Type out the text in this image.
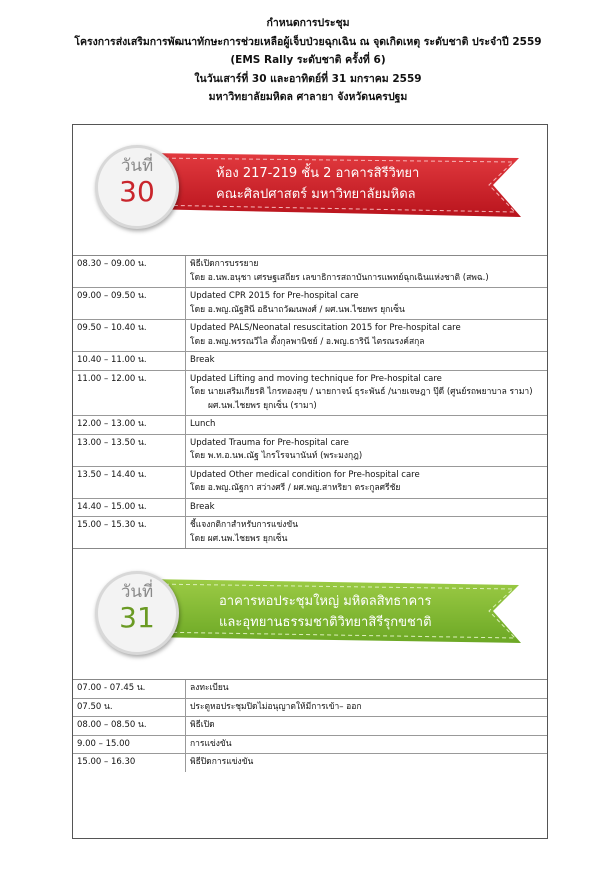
กำหนดการประชุม
โครงการส่งเสริมการพัฒนาทักษะการช่วยเหลือผู้เจ็บป่วยฉุกเฉิน ณ จุดเกิดเหตุ ระดับชาติ ประจำปี 2559
(EMS Rally ระดับชาติ ครั้งที่ 6)
ในวันเสาร์ที่ 30 และอาทิตย์ที่ 31 มกราคม 2559
มหาวิทยาลัยมหิดล ศาลายา จังหวัดนครปฐม
วันที่
30
ห้อง 217-219 ชั้น 2 อาคารสิรีวิทยา
คณะศิลปศาสตร์ มหาวิทยาลัยมหิดล
08.30 – 09.00 น.	พิธีเปิดการบรรยาย
โดย อ.นพ.อนุชา เศรษฐเสถียร เลขาธิการสถาบันการแพทย์ฉุกเฉินแห่งชาติ (สพฉ.)

09.00 – 09.50 น.	Updated CPR 2015 for Pre-hospital care
โดย อ.พญ.ณัฐสินี อธินาถวัฒนพงศ์ / ผศ.นพ.ไชยพร ยุกเซ็น

09.50 – 10.40 น.	Updated PALS/Neonatal resuscitation 2015 for Pre-hospital care
โดย อ.พญ.พรรณวีไล ตั้งกุลพานิชย์ / อ.พญ.ธารินี ไตรณรงค์สกุล

10.40 – 11.00 น.	Break

11.00 – 12.00 น.	Updated Lifting and moving technique for Pre-hospital care
โดย นายเสริมเกียรติ ไกรทองสุข / นายกาจน์ ธุระพันธ์ /นายเจษฎา ปุ๊ดี (ศูนย์รถพยาบาล รามา)
ผศ.นพ.ไชยพร ยุกเซ็น (รามา)

12.00 – 13.00 น.	Lunch

13.00 – 13.50 น.	Updated Trauma for Pre-hospital care
โดย พ.ท.อ.นพ.ณัฐ ไกรโรจนานันท์ (พระมงกุฎ)

13.50 – 14.40 น.	Updated Other medical condition for Pre-hospital care
โดย อ.พญ.ณัฐกา สว่างศรี / ผศ.พญ.สาหริยา ตระกูลศรีชัย

14.40 – 15.00 น.	Break

15.00 – 15.30 น.	ชี้แจงกติกาสำหรับการแข่งขัน
โดย ผศ.นพ.ไชยพร ยุกเซ็น
วันที่
31	อาคารหอประชุมใหญ่ มหิดลสิทธาคาร
และอุทยานธรรมชาติวิทยาสิรีรุกขชาติ
07.00 - 07.45 น.	ลงทะเบียน
07.50 น.	ประตูหอประชุมปิดไม่อนุญาตให้มีการเข้า– ออก
08.00 – 08.50 น.	พิธีเปิด
9.00 – 15.00	การแข่งขัน
15.00 – 16.30	พิธีปิดการแข่งขัน
